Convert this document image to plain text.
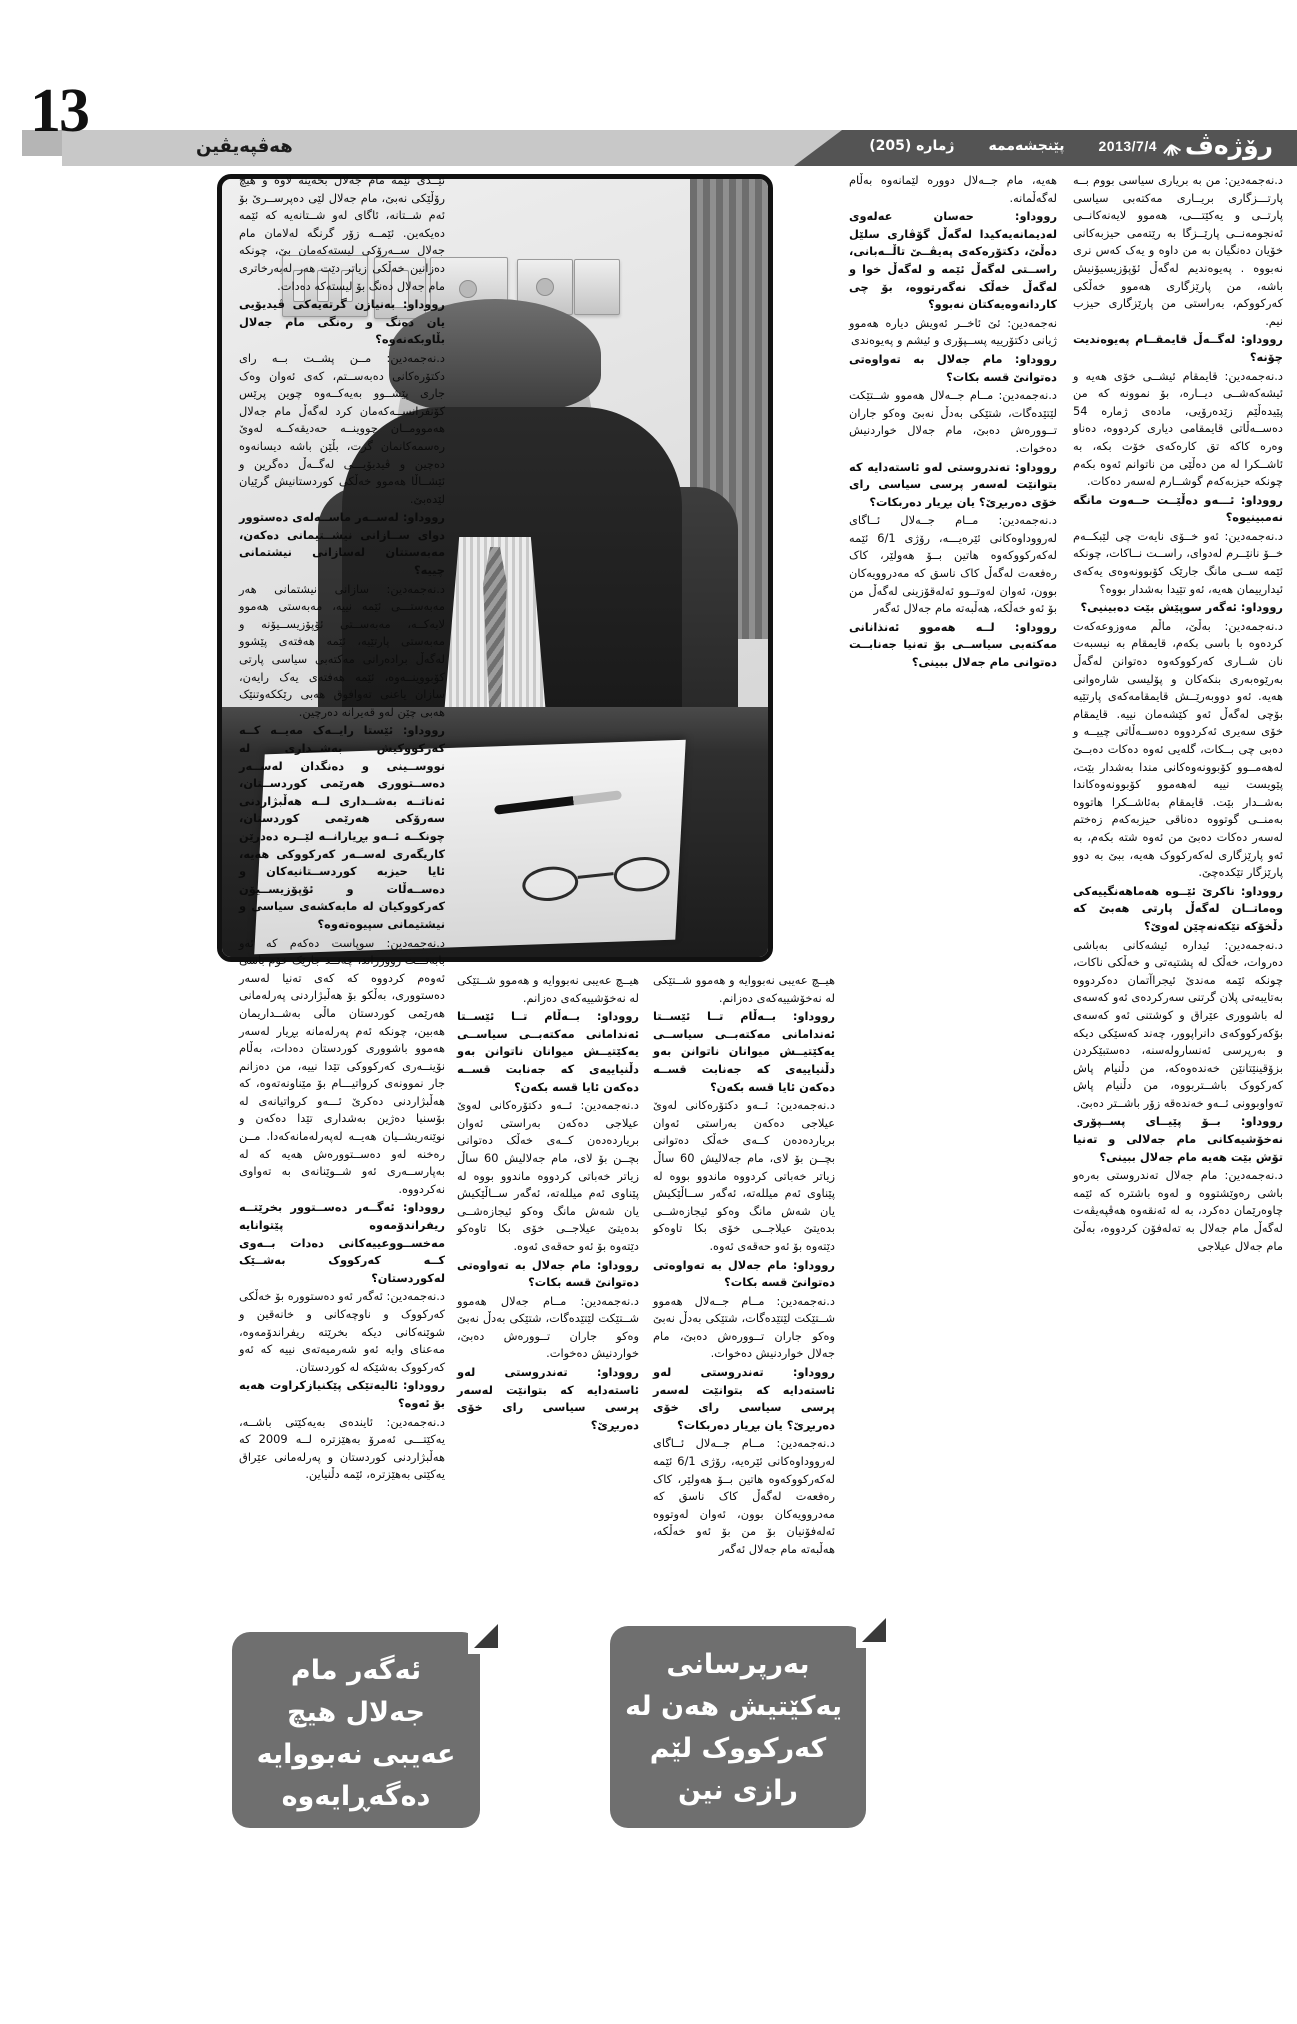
13
هەڤپەیڤین	2013/7/4
پێنجشەممە
ژمارە (205)	رۆژەڤ

د.نەجمەدین: من به‌ بریاری سیاسی بووم بــه‌ پارتـــزگاری بریــاری مەکتەبی سیاسی پارتــی و یەکێتـــی، هەموو لایەنەکانــی ئەنجومەنــی پارێــزگا به‌ رێتەمی حیزبەکانی خۆیان دەنگیان بە من داوه‌ و یەک کەس نری نەبووه‌ . پەیوەندیم لەگەڵ ئۆپۆزیسیۆنیش باشه‌، من پارێزگاری هەموو خەڵکی کەرکووکم، بەراستی من پارێزگاری حیزب نیم.

رووداو: لەگــەڵ قایمقــام پەیوەندیت چۆنە؟

د.نەجمەدین: قایمقام ئیشــی خۆی هەیە و ئیشەکەشــی دیــاره‌، بۆ نموونه‌ که‌ من پێیدەڵێم زێدەرۆیی، ماده‌ی ژماره‌ 54 دەســەڵاتی قایمقامی دیاری کردووه‌، دەناو وەره‌ کاکه‌ تق کاره‌کەی خۆت بکه‌، به‌ ئاشــکرا له‌ من دەڵێی من ناتوانم ئەوه‌ بکەم چونکه‌ حیزبەکەم گوشــارم لەسەر دەکات.

رووداو: ئـــەو دەڵێــت حــەوت مانگە نەمبینیوه‌؟

د.نەجمەدین: ئەو خــۆی نایەت چی لێبکــەم خــۆ نانێــرم لەدوای، راســت نــاکات، چونکه‌ ئێمه‌ ســی مانگ جارێک کۆبوونەوەی یەکەی ئیدارییمان هەیە، ئەو تێیدا بەشدار بووه‌؟

رووداو: ئەگەر سوپێش بێت دەبینیی؟

د.نەجمەدین: بەڵێ، ماڵم مەوزوعەکەت کردەوه‌ با باسی بکەم، قایمقام به‌ نیسبەت نان شــاری کەرکووکەوه‌ دەتوانن لەگەڵ بەرێوەبەری بنکەکان و پۆلیسی شارەوانی هەیه‌. ئەو دووبەرێــش قایمقامەکەی پارتێیه‌ بۆچی لەگەڵ ئەو کێشەمان نییه‌. قایمقام خۆی سەیری ئەکردووه‌ دەســەڵاتی چییــه‌ و دەبی چی بــکات، گلەیی ئەوه‌ دەکات دەبــێ لەهەمــوو کۆبوونەوەکانی مندا بەشدار بێت، پێویست نییه‌ لەهەموو کۆبوونەوەکاندا بەشــدار بێت. قایمقام بەئاشــکرا هاتووه‌ بەمنــی گوتووه‌ دەناقی حیزبەکەم زەختم لەسەر دەکات دەبێ من ئەوه‌ شته‌ بکەم، به‌ ئەو پارێزگاری لەکەرکووک هەیە، ببێ به‌ دوو پارێزگار تێکدەچێ.

رووداو: ناکرێ ئێــوه‌ هەماهەنگییەکی وەماتــان لەگەڵ پارتی هەبێ که‌ دڵخۆکه‌ تێکەنەچێن لەوێ؟

د.نەجمەدین: ئیداره‌ ئیشەکانی بەباشی دەروات، خەڵک له‌ پشتیەتی و خەڵکی ناکات، چونکه‌ ئێمه‌ مەندێ ئیجراآتمان دەکردووه‌ بەتایبەتی پلان گرتنی سەرکردەی ئەو کەسەی له‌ باشووری عێراق و کوشتنی ئەو کەسەی بۆکەرکووکەی دانراپوور، چەند کەسێکی دیکه‌ و بەرپرسی ئەنسارولەسنه‌، دەستبێکردن بزۆقینێتانێن خەندەوەکه‌، من دڵنیام پاش کەرکووک باشــتربووه‌، من دڵنیام پاش تەواوبوونی ئــەو خەندەقه‌ زۆر باشــتر دەبێ.

رووداو: بــۆ پێیــای پســپۆری نەخۆشیەکانی مام جەلالی و تەنیا تۆش بێت هەیە مام جەلال ببینی؟

د.نەجمەدین: مام جەلال تەندروستی بەرەو باشی رەوێشتووه‌ و لەوه‌ باشتره‌ که‌ ئێمه‌ چاوەرێمان دەکرد، به‌ له‌ ئەنقەوه‌ هەڤپەیڤەت لەگەڵ مام جەلال بە تەلەفۆن کردووه‌، بەڵێ مام جەلال عیلاجی

هەیە، مام جــەلال دوورە لێمانەوه‌ بەڵام لەگەڵمانە.

رووداو: حەسان عەلەوی لەدیمانەیەکیدا لەگەڵ گۆڤاری سلێل دەڵێ، دکتۆرەکەی پەیڤــێ تاڵــەبانی، راســتی لەگەڵ ئێمه‌ و لەگەڵ خوا و لەگەڵ خەڵک نەگەرتووه‌، بۆ چی کاردانەوەیەکتان نەبوو؟

نەجمەدین: ئێ ئاخــر ئەویش دیاره‌ هەموو ژیانی دکتۆرییه‌ پســپۆری و ئیشم و پەیوەندی

رووداو: مام جەلال به‌ تەواوەتی دەتوانێ قسه‌ بکات؟

د.نەجمەدین: مــام جــەلال هەموو شــتێکت لێتێدەگات، شتێکی بەدڵ نەبێ وەکو جاران تــوورەش دەبێ، مام جەلال خواردنیش دەخوات.

رووداو: تەندروستی لەو ئاستەدایه‌ که‌ بتوانێت لەسەر پرسی سیاسی رای خۆی دەربڕێ؟ یان بڕیار دەربکات؟

د.نەجمەدین: مــام جــەلال ئــاگای لەرووداوەکانی ئێرەیـــە، رۆژی 6/1 ئێمه‌ لەکەرکووکەوه‌ هاتین بــۆ هەولێر، کاک رەفعەت لەگەڵ کاک ناسق که‌ مەدروویەکان بوون، ئەوان لەوتــوو ئەلەقۆزینی لەگەڵ من بۆ ئەو خەڵکه‌، هەڵبەتە مام جەلال ئەگەر

رووداو: لــه‌ هەموو ئەنذانانی مەکتەبی سیاســی بۆ تەنیا جەنابــت دەتوانی مام جەلال ببینی؟

هیــچ عەیبی نەبووایه‌ و هەموو شــتێکی له‌ نەخۆشییەکەی دەزانم.

رووداو: بــەڵام تــا ئێســتا ئەندامانی مەکتەبــی سیاســی یەکێتیــش میوانان ناتوانن بەو دڵنیاییەی که‌ جەنابت قســه‌ دەکەن ئایا قسه‌ بکەن؟

د.نەجمەدین: ئــەو دکتۆرەکانی لەوێ عیلاجی دەکەن بەراستی ئەوان بریاردەدەن کــەی خەڵک دەتوانی بچــن بۆ لای، مام جەلالیش 60 ساڵ زیاتر خەباتی کردووه‌ ماندوو بووه‌ له‌ پێناوی ئەم میللەته‌، ئەگەر ســاڵێکیش یان شەش مانگ وەکو ئیجازەشــی بدەیتێ عیلاجــی خۆی بکا تاوەکو دێتەوه‌ بۆ ئەو حەقەی ئەوه‌.

رووداو: مام جەلال به‌ تەواوەتی دەتوانێ قسه‌ بکات؟

د.نەجمەدین: مــام جــەلال هەموو شــتێکت لێتێدەگات، شتێکی بەدڵ نەبێ وەکو جاران تــوورەش دەبێ، مام جەلال خواردنیش دەخوات.

رووداو: تەندروستی لەو ئاستەدایه‌ که‌ بتوانێت لەسەر پرسی سیاسی رای خۆی دەربڕێ؟ یان بڕیار دەربکات؟

د.نەجمەدین: مــام جــەلال ئــاگای لەرووداوەکانی ئێرەیە، رۆژی 6/1 ئێمه‌ لەکەرکووکەوه‌ هاتین بــۆ هەولێر، کاک رەفعەت لەگەڵ کاک ناسق که‌ مەدروویەکان بوون، ئەوان لەوتووه‌ ئەلەفۆنیان بۆ من بۆ ئەو خەڵکه‌، هەڵبەتە مام جەلال ئەگەر

هیــچ عەیبی نەبووایه‌ و هەموو شــتێکی له‌ نەخۆشییەکەی دەزانم.

رووداو: بــەڵام تــا ئێســتا ئەندامانی مەکتەبــی سیاســی یەکێتیــش میوانان ناتوانن بەو دڵنیاییەی که‌ جەنابت قســه‌ دەکەن ئایا قسه‌ بکەن؟

د.نەجمەدین: ئــەو دکتۆرەکانی لەوێ عیلاجی دەکەن بەراستی ئەوان بریاردەدەن کــەی خەڵک دەتوانی بچــن بۆ لای، مام جەلالیش 60 ساڵ زیاتر خەباتی کردووه‌ ماندوو بووه‌ له‌ پێناوی ئەم میللەته‌، ئەگەر ســاڵێکیش یان شەش مانگ وەکو ئیجازەشــی بدەیتێ عیلاجــی خۆی بکا تاوەکو دێتەوه‌ بۆ ئەو حەقەی ئەوه‌.

رووداو: مام جەلال به‌ تەواوەتی دەتوانێ قسه‌ بکات؟

د.نەجمەدین: مــام جەلال هەموو شــتێکت لێتێدەگات، شتێکی بەدڵ نەبێ وەکو جاران تــوورەش دەبێ، خواردنیش دەخوات.

رووداو: تەندروستی لەو ئاستەدایه‌ که‌ بتوانێت لەسەر پرسی سیاسی رای خۆی دەربڕێ؟

ئێــدی ئێمه‌ مام جەلال بخەینه‌ لاوه‌ و هیچ رۆڵێکی نەبێ، مام جەلال لێی دەپرســرێ بۆ ئەم شــتانه‌، ئاگای لەو شــتانەیه‌ که‌ ئێمه‌ دەیکەین. ئێمــه‌ زۆر گرنگه‌ لەلامان مام جەلال ســەرۆکی لیستەکەمان بێ، چونکه‌ دەزانین خەڵکی زیاتر دێت هەر لەبەرخاتری مام جەلال دەنگ بۆ لیستەکه‌ دەدات.

رووداو: بەنیازن گرتەیەکی ڤیدیۆیی یان دەنگ و رەنگی مام جەلال بڵاوبکەنەوه‌؟

د.نەجمەدین: مــن پشــت بــه‌ رای دکتۆرەکانی دەبەســتم، کەی ئەوان وەک جاری پێشــوو بەیەکــەوه‌ چوین پرێس کۆنفرانســەکەمان کرد لەگەڵ مام جەلال هەموومــان چووینــه‌ حەدیقەکــه‌ لەوێ رەسمەکانمان گرت، بڵێن باشه‌ دیسانەوه‌ دەچین و ڤیدیۆیـــی لەگــەڵ دەگرین و ئێشــاڵا هەموو خەڵکی کوردستانیش گرێیان لێدەبێ.

رووداو: لەســەر ماســەلەی دەستوور دوای ســازانی نیشــتیمانی دەکەن، مەبەستتان لەسازانی نیشتمانی چییە؟

د.نەجمەدین: سازانی نیشتمانی هەر مەبەستـــی ئێمه‌ نییه‌، مەبەستی هەموو لایەکــه‌، مەبەســتی ئۆپۆزیســیۆنه‌ و مەبەستی پارتێیه‌، ئێمه‌ هەفتەی پێشوو لەگەڵ برادەرانی مەکتەبی سیاسی پارتی کۆبووینــەوه‌، ئێمه‌ هەفتەی یەک رایەن، سازان یاعنی تەوافوق هەبی رێککەوتنێک هەبی چێن لەو قەیرانه‌ دەرچین.

رووداو: ئێستا رایــەک مەیــه‌ کــه‌ کەرکووکیش بەشــداری له‌ نووســینی و دەنگدان لەســەر دەســتووری هەرێمی کوردســتان، ئەناتــه‌ بەشــداری لــه‌ هەڵبژاردنی سەرۆکی هەرێمی کوردستان، چونکــه‌ ئــەو بڕیارانــه‌ لێــره‌ دەدرێن کاریگەری لەســەر کەرکووکی هەیە، ئایا حیزبه‌ کوردســتانیەکان و دەســەڵات و ئۆپۆزیســیۆن کەرکووکیان له‌ مابەکشەی سیاسی و نیشتیمانی سپیوەتەوه‌؟

د.نەجمەدین: سوپاست دەکەم که‌ ئەو بابەتـــت رووزراند، چەنــد جارێک خۆم باسی ئەوەم کردووه‌ که‌ کەی تەنیا لەسەر دەستووری، بەڵکو بۆ هەڵبژاردنی پەرلەمانی هەرێمی کوردستان ماڵی بەشــداریمان هەبین، چونکه‌ ئەم پەرلەمانه‌ بڕیار لەسەر هەموو باشووری کوردستان دەدات، بەڵام نۆینــەری کەرکووکی تێدا نییە، من دەزانم جار نموونەی کرواتیـــام بۆ مێناونەتەوه‌، که‌ هەڵبژاردنی دەکرێ ئـــەو کرواتیانەی له‌ بۆسنیا دەژین بەشداری تێدا دەکەن و نوێنەریشــیان هەیــە لەپەرلەمانەکەدا. مــن رەخنه‌ لەو دەســتوورەش هەیه‌ که‌ له‌ بەپارســەری ئەو شــوێنانەی به‌ تەواوی نەکردووه‌.

رووداو: ئەگــەر دەســتوور بخرێتــه‌ ریفراندۆمەوه‌ پێتوانایه‌ مەخســووعییەکانی دەدات بــەوی کــه‌ کەرکووک بەشــێک لەکوردستان؟

د.نەجمەدین: ئەگەر ئەو دەستووره‌ بۆ خەڵکی کەرکووک و ناوچەکانی و خانەقین و شوێنەکانی دیکه‌ بخرێته‌ ریفراندۆمەوه‌، مەعنای وایه‌ ئەو شەرمیەتەی نییه‌ که‌ ئەو کەرکووک بەشێکه‌ له‌ کوردستان.

رووداو: ئالیەتێکی پێکنیازکراوت هەیە بۆ ئەوە؟

د.نەجمەدین: ئایندەی بەیەکێتی باشــه‌، یەکێتـــی ئەمرۆ بەهێزتره‌ لــه‌ 2009 که‌ هەڵبژاردنی کوردستان و پەرلەمانی عێراق یەکێتی بەهێزترە، ئێمە دڵنیاین.

ئەگەر مام
جەلال هیچ
عەیبی نەبووایە
دەگەڕایەوە
بەرپرسانی
یەکێتیش هەن لە
کەرکووک لێم
رازی نین
